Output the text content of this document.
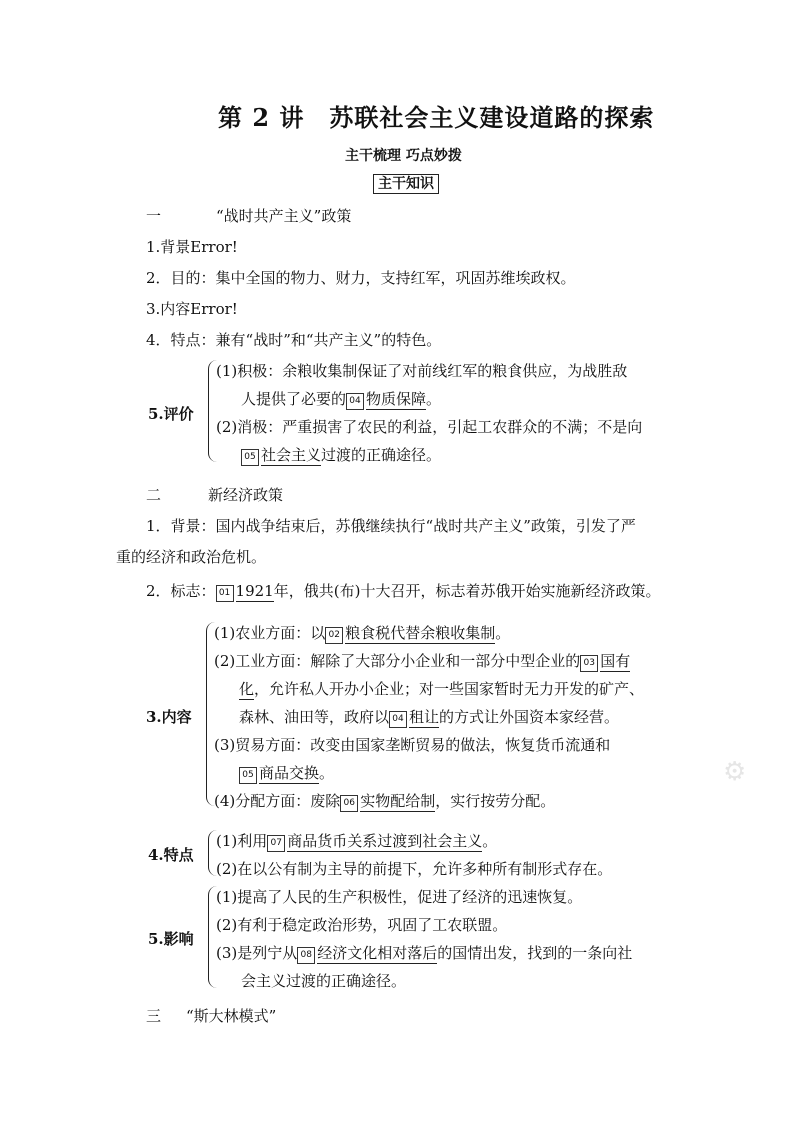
第 2 讲　苏联社会主义建设道路的探索
主干梳理 巧点妙拨
主干知识
一	“战时共产主义”政策
1.背景Error!
2．目的：集中全国的物力、财力，支持红军，巩固苏维埃政权。
3.内容Error!
4．特点：兼有“战时”和“共产主义”的特色。
5.评价
(1)积极：余粮收集制保证了对前线红军的粮食供应，为战胜敌
人提供了必要的 04 物质保障。
(2)消极：严重损害了农民的利益，引起工农群众的不满；不是向
05 社会主义过渡的正确途径。
二	新经济政策
1．背景：国内战争结束后，苏俄继续执行“战时共产主义”政策，引发了严
重的经济和政治危机。
2．标志： 01 1921年，俄共(布)十大召开，标志着苏俄开始实施新经济政策。
3.内容
(1)农业方面：以 02 粮食税代替余粮收集制。
(2)工业方面：解除了大部分小企业和一部分中型企业的 03 国有
化，允许私人开办小企业；对一些国家暂时无力开发的矿产、
森林、油田等，政府以 04 租让的方式让外国资本家经营。
(3)贸易方面：改变由国家垄断贸易的做法，恢复货币流通和
05 商品交换。
(4)分配方面：废除 06 实物配给制，实行按劳分配。
4.特点
(1)利用 07 商品货币关系过渡到社会主义。
(2)在以公有制为主导的前提下，允许多种所有制形式存在。
5.影响
(1)提高了人民的生产积极性，促进了经济的迅速恢复。
(2)有利于稳定政治形势，巩固了工农联盟。
(3)是列宁从 08 经济文化相对落后的国情出发，找到的一条向社
会主义过渡的正确途径。
三 “斯大林模式”
⚙
